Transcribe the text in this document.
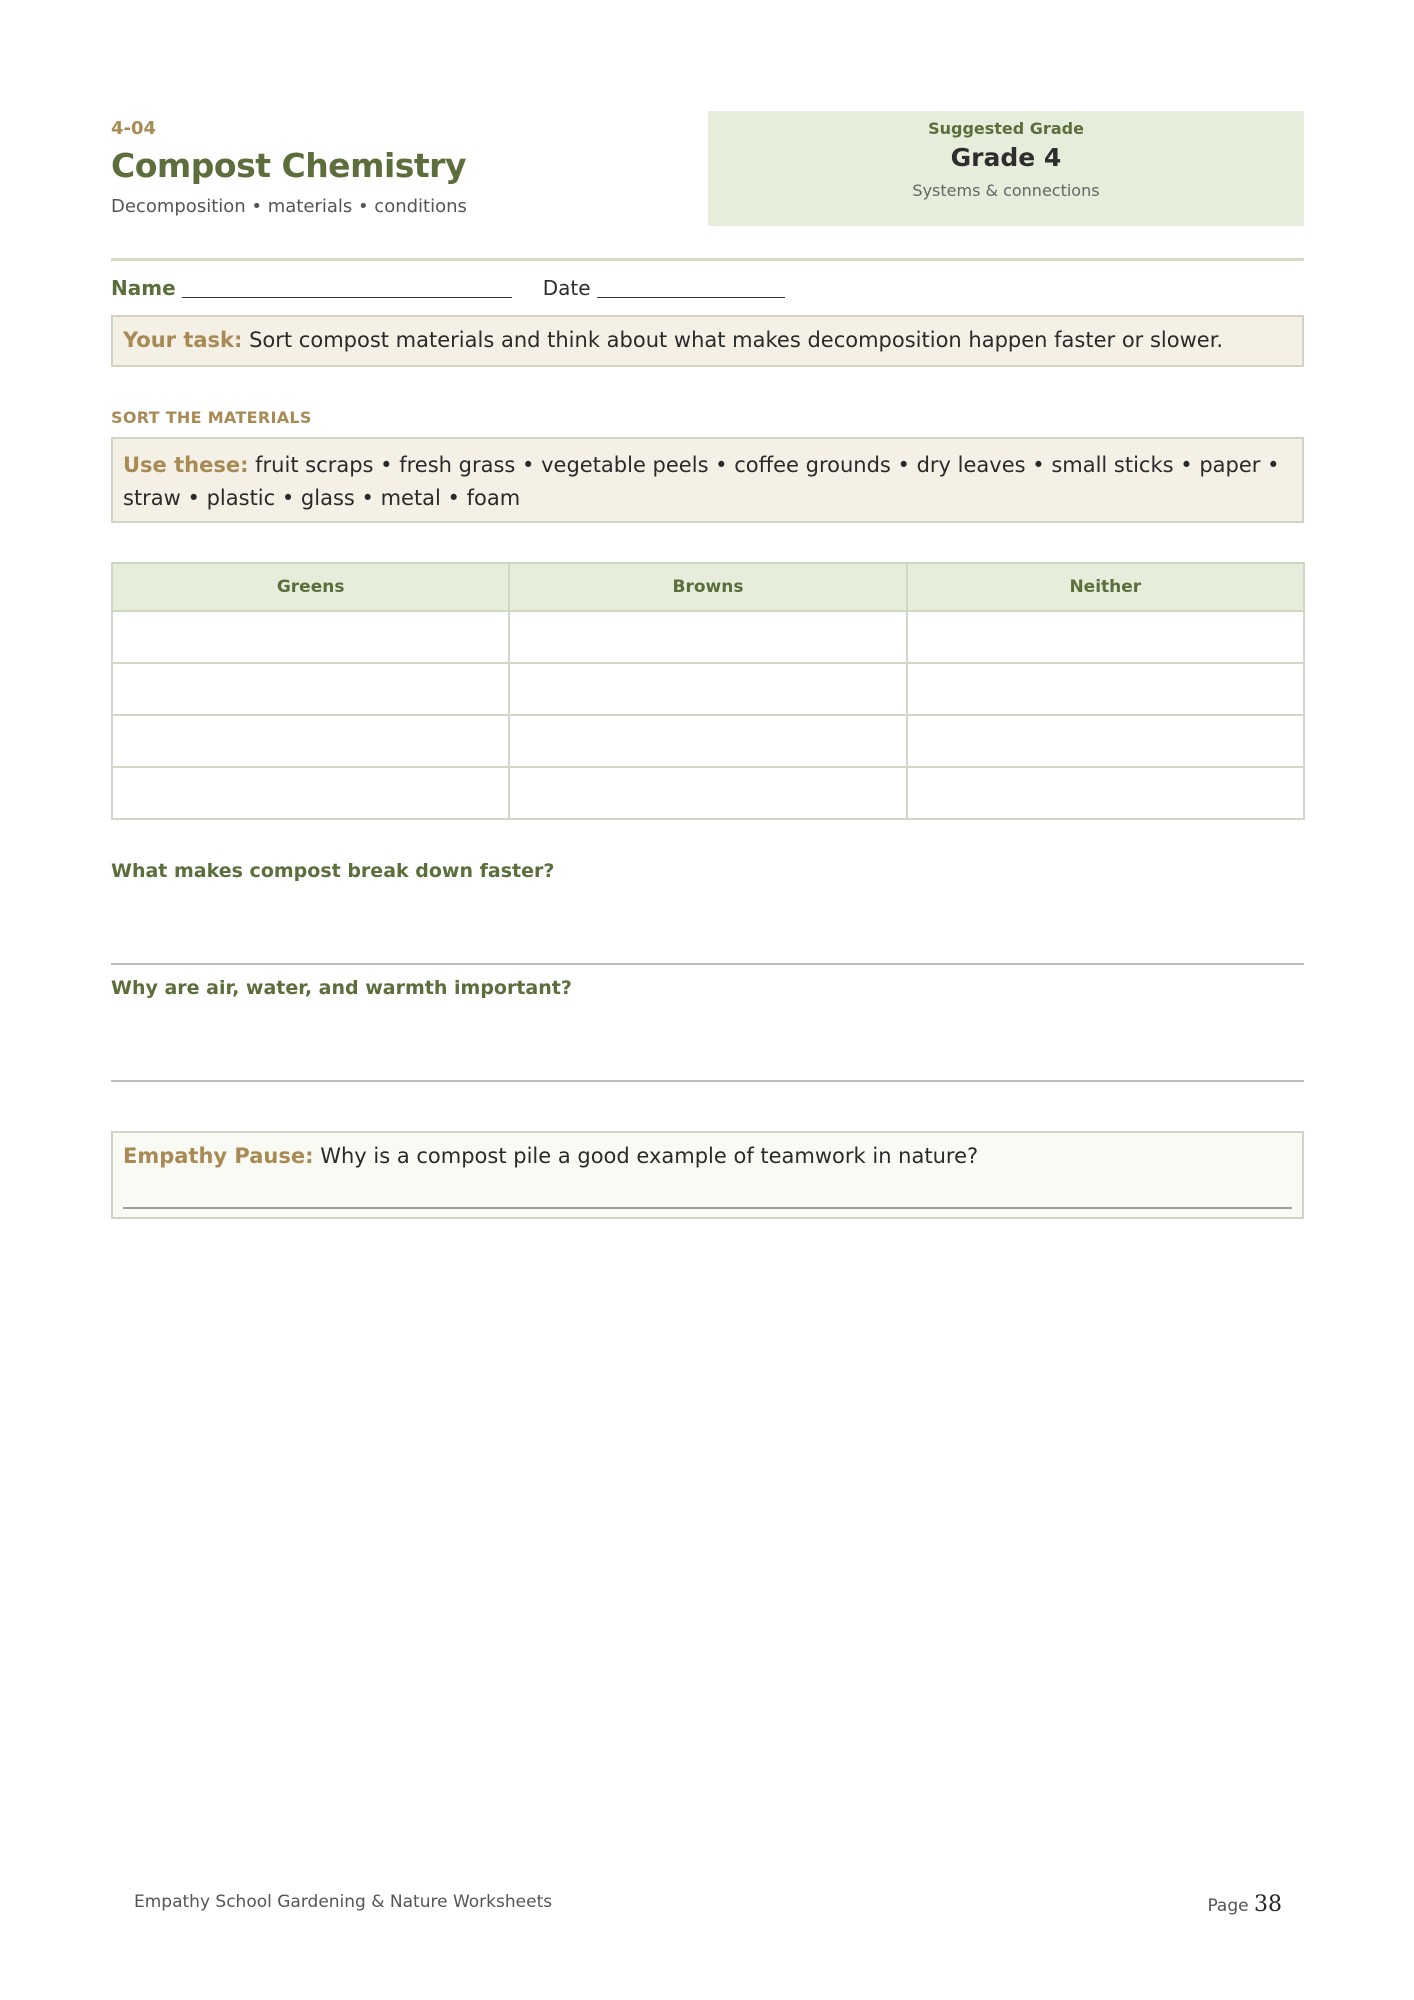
4-04
Compost Chemistry
Decomposition • materials • conditions
Suggested Grade
Grade 4
Systems & connections
Name	Date
Your task: Sort compost materials and think about what makes decomposition happen faster or slower.
SORT THE MATERIALS
Use these: fruit scraps • fresh grass • vegetable peels • coffee grounds • dry leaves • small sticks • paper • straw • plastic • glass • metal • foam
Greens	Browns	Neither

What makes compost break down faster?
Why are air, water, and warmth important?
Empathy Pause: Why is a compost pile a good example of teamwork in nature?
Empathy School Gardening & Nature Worksheets	Page 38
